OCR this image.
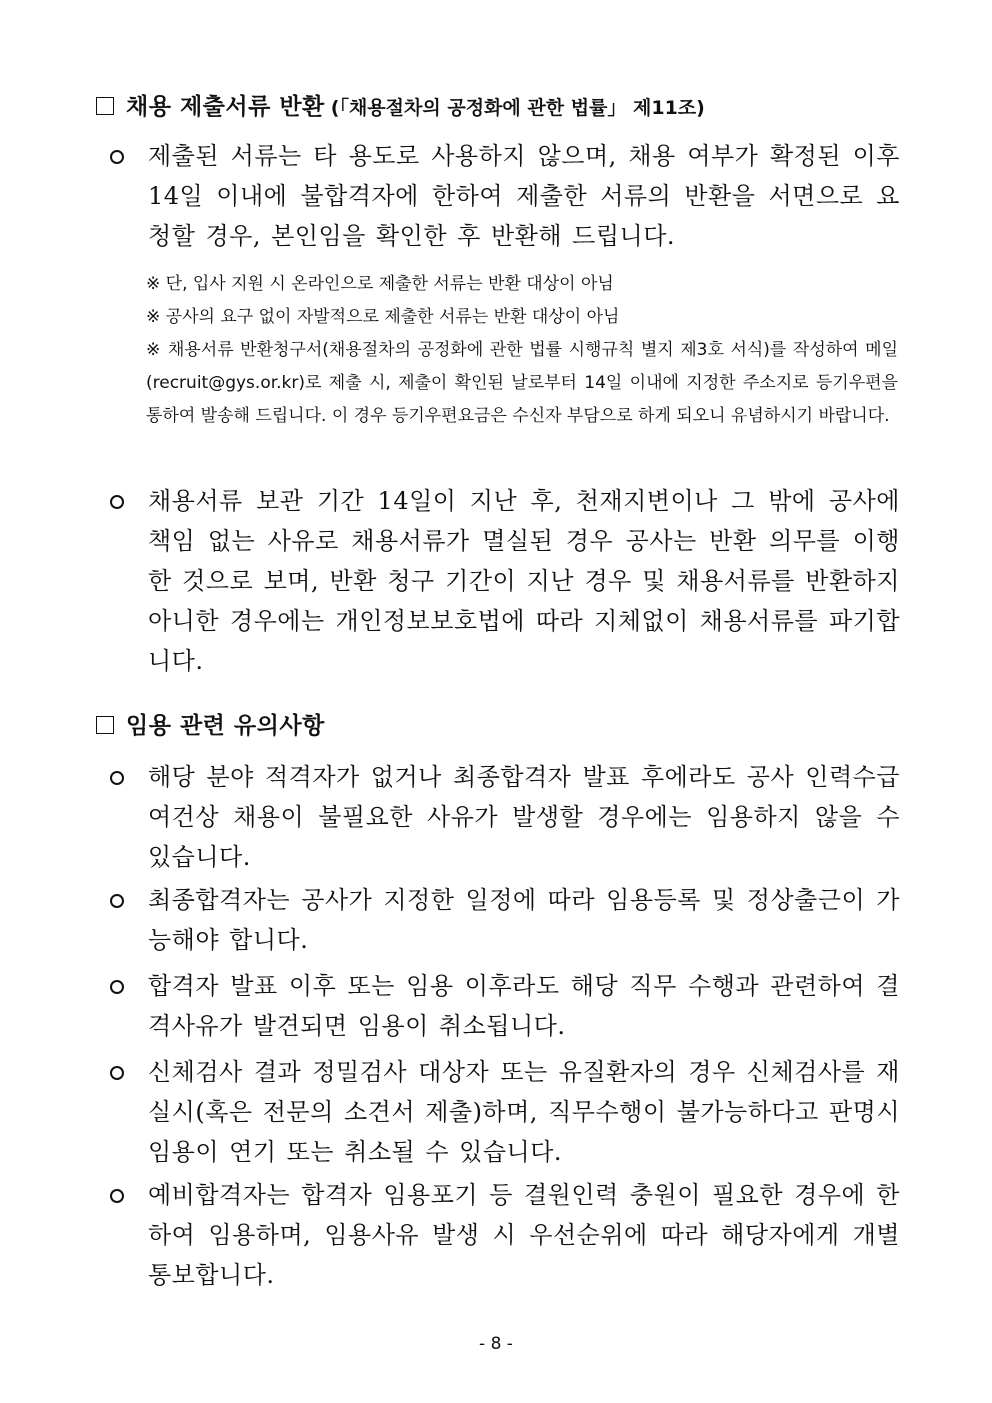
채용 제출서류 반환 (「채용절차의 공정화에 관한 법률」 제11조)
제출된 서류는 타 용도로 사용하지 않으며, 채용 여부가 확정된 이후 14일 이내에 불합격자에 한하여 제출한 서류의 반환을 서면으로 요청할 경우, 본인임을 확인한 후 반환해 드립니다.

※ 단, 입사 지원 시 온라인으로 제출한 서류는 반환 대상이 아님

※ 공사의 요구 없이 자발적으로 제출한 서류는 반환 대상이 아님

※ 채용서류 반환청구서(채용절차의 공정화에 관한 법률 시행규칙 별지 제3호 서식)를 작성하여 메일(recruit@gys.or.kr)로 제출 시, 제출이 확인된 날로부터 14일 이내에 지정한 주소지로 등기우편을 통하여 발송해 드립니다. 이 경우 등기우편요금은 수신자 부담으로 하게 되오니 유념하시기 바랍니다.

채용서류 보관 기간 14일이 지난 후, 천재지변이나 그 밖에 공사에 책임 없는 사유로 채용서류가 멸실된 경우 공사는 반환 의무를 이행한 것으로 보며, 반환 청구 기간이 지난 경우 및 채용서류를 반환하지 아니한 경우에는 개인정보보호법에 따라 지체없이 채용서류를 파기합니다.
임용 관련 유의사항
해당 분야 적격자가 없거나 최종합격자 발표 후에라도 공사 인력수급 여건상 채용이 불필요한 사유가 발생할 경우에는 임용하지 않을 수 있습니다.
최종합격자는 공사가 지정한 일정에 따라 임용등록 및 정상출근이 가능해야 합니다.
합격자 발표 이후 또는 임용 이후라도 해당 직무 수행과 관련하여 결격사유가 발견되면 임용이 취소됩니다.
신체검사 결과 정밀검사 대상자 또는 유질환자의 경우 신체검사를 재실시(혹은 전문의 소견서 제출)하며, 직무수행이 불가능하다고 판명시 임용이 연기 또는 취소될 수 있습니다.
예비합격자는 합격자 임용포기 등 결원인력 충원이 필요한 경우에 한하여 임용하며, 임용사유 발생 시 우선순위에 따라 해당자에게 개별 통보합니다.
- 8 -
